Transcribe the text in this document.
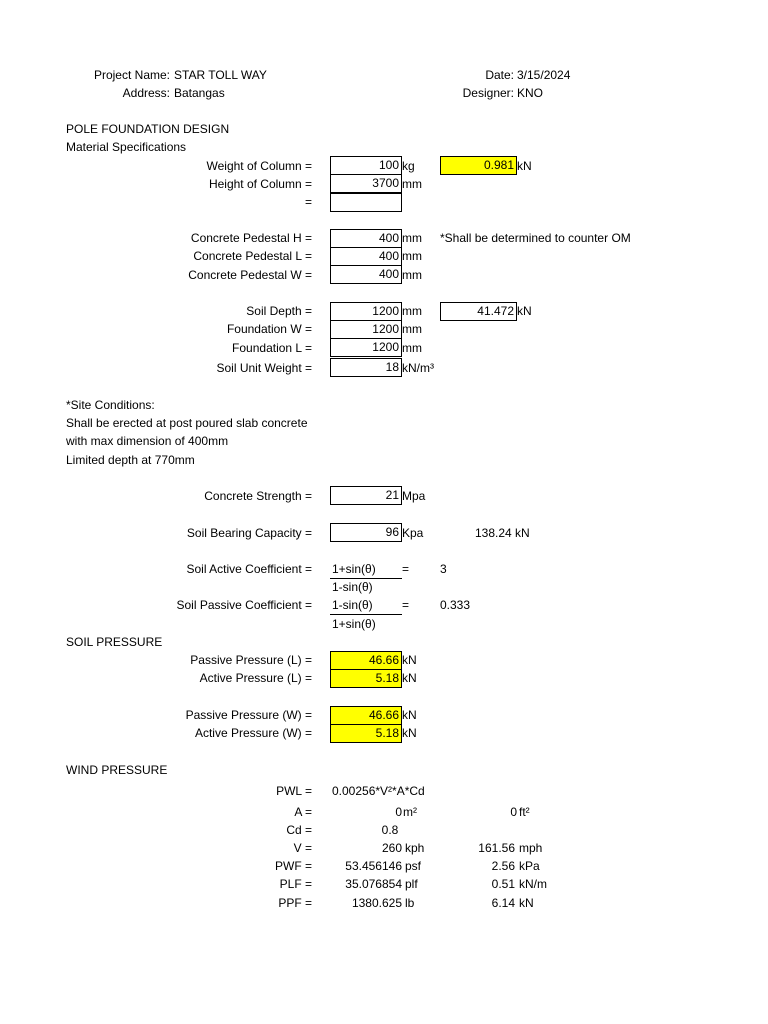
Project Name: STAR TOLL WAY
Address: Batangas
Date: 3/15/2024
Designer: KNO
POLE FOUNDATION DESIGN
Material Specifications
Weight of Column =	100 kg	0.981 kN
Height of Column =	3700 mm
=
Concrete Pedestal H =	400 mm *Shall be determined to counter OM
Concrete Pedestal L =	400 mm
Concrete Pedestal W =	400 mm
Soil Depth =	1200 mm	41.472 kN
Foundation W =	1200 mm
Foundation L =	1200 mm
Soil Unit Weight =	18 kN/m³
*Site Conditions:
Shall be erected at post poured slab concrete
with max dimension of 400mm
Limited depth at 770mm
Concrete Strength =	21 Mpa
Soil Bearing Capacity =	96 Kpa	138.24 kN
Soil Active Coefficient = 1+sin(θ)
1-sin(θ)
=	3
Soil Passive Coefficient = 1-sin(θ)
1+sin(θ)
=	0.333
SOIL PRESSURE
Passive Pressure (L) =	46.66 kN
Active Pressure (L) =	5.18 kN
Passive Pressure (W) =	46.66 kN
Active Pressure (W) =	5.18 kN
WIND PRESSURE
PWL = 0.00256*V²*A*Cd
A =	0 m²	0 ft²
Cd =	0.8
V =	260 kph	161.56 mph
PWF =	53.456146 psf	2.56 kPa
PLF =	35.076854 plf	0.51 kN/m
PPF =	1380.625 lb	6.14 kN
